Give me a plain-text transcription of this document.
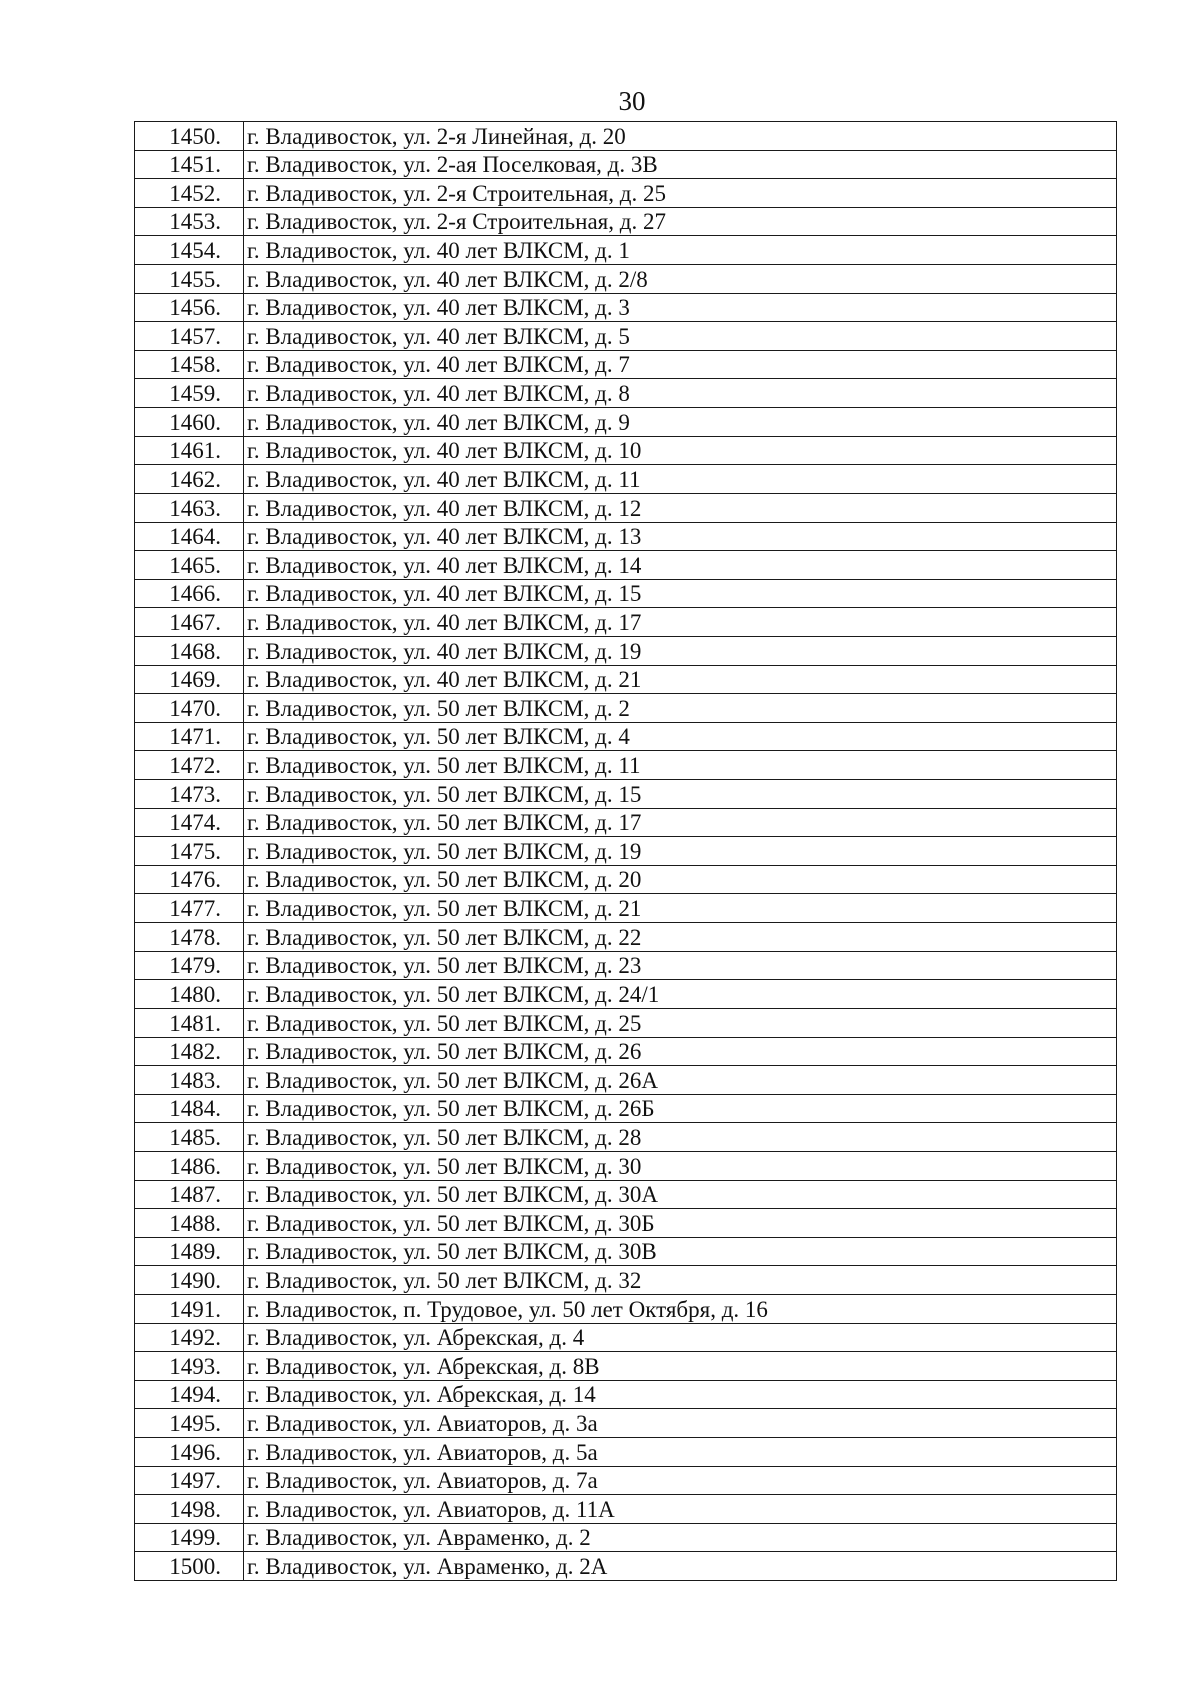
30
1450.	г. Владивосток, ул. 2-я Линейная, д. 20
1451.	г. Владивосток, ул. 2-ая Поселковая, д. 3В
1452.	г. Владивосток, ул. 2-я Строительная, д. 25
1453.	г. Владивосток, ул. 2-я Строительная, д. 27
1454.	г. Владивосток, ул. 40 лет ВЛКСМ, д. 1
1455.	г. Владивосток, ул. 40 лет ВЛКСМ, д. 2/8
1456.	г. Владивосток, ул. 40 лет ВЛКСМ, д. 3
1457.	г. Владивосток, ул. 40 лет ВЛКСМ, д. 5
1458.	г. Владивосток, ул. 40 лет ВЛКСМ, д. 7
1459.	г. Владивосток, ул. 40 лет ВЛКСМ, д. 8
1460.	г. Владивосток, ул. 40 лет ВЛКСМ, д. 9
1461.	г. Владивосток, ул. 40 лет ВЛКСМ, д. 10
1462.	г. Владивосток, ул. 40 лет ВЛКСМ, д. 11
1463.	г. Владивосток, ул. 40 лет ВЛКСМ, д. 12
1464.	г. Владивосток, ул. 40 лет ВЛКСМ, д. 13
1465.	г. Владивосток, ул. 40 лет ВЛКСМ, д. 14
1466.	г. Владивосток, ул. 40 лет ВЛКСМ, д. 15
1467.	г. Владивосток, ул. 40 лет ВЛКСМ, д. 17
1468.	г. Владивосток, ул. 40 лет ВЛКСМ, д. 19
1469.	г. Владивосток, ул. 40 лет ВЛКСМ, д. 21
1470.	г. Владивосток, ул. 50 лет ВЛКСМ, д. 2
1471.	г. Владивосток, ул. 50 лет ВЛКСМ, д. 4
1472.	г. Владивосток, ул. 50 лет ВЛКСМ, д. 11
1473.	г. Владивосток, ул. 50 лет ВЛКСМ, д. 15
1474.	г. Владивосток, ул. 50 лет ВЛКСМ, д. 17
1475.	г. Владивосток, ул. 50 лет ВЛКСМ, д. 19
1476.	г. Владивосток, ул. 50 лет ВЛКСМ, д. 20
1477.	г. Владивосток, ул. 50 лет ВЛКСМ, д. 21
1478.	г. Владивосток, ул. 50 лет ВЛКСМ, д. 22
1479.	г. Владивосток, ул. 50 лет ВЛКСМ, д. 23
1480.	г. Владивосток, ул. 50 лет ВЛКСМ, д. 24/1
1481.	г. Владивосток, ул. 50 лет ВЛКСМ, д. 25
1482.	г. Владивосток, ул. 50 лет ВЛКСМ, д. 26
1483.	г. Владивосток, ул. 50 лет ВЛКСМ, д. 26А
1484.	г. Владивосток, ул. 50 лет ВЛКСМ, д. 26Б
1485.	г. Владивосток, ул. 50 лет ВЛКСМ, д. 28
1486.	г. Владивосток, ул. 50 лет ВЛКСМ, д. 30
1487.	г. Владивосток, ул. 50 лет ВЛКСМ, д. 30А
1488.	г. Владивосток, ул. 50 лет ВЛКСМ, д. 30Б
1489.	г. Владивосток, ул. 50 лет ВЛКСМ, д. 30В
1490.	г. Владивосток, ул. 50 лет ВЛКСМ, д. 32
1491.	г. Владивосток, п. Трудовое, ул. 50 лет Октября, д. 16
1492.	г. Владивосток, ул. Абрекская, д. 4
1493.	г. Владивосток, ул. Абрекская, д. 8В
1494.	г. Владивосток, ул. Абрекская, д. 14
1495.	г. Владивосток, ул. Авиаторов, д. 3а
1496.	г. Владивосток, ул. Авиаторов, д. 5а
1497.	г. Владивосток, ул. Авиаторов, д. 7а
1498.	г. Владивосток, ул. Авиаторов, д. 11А
1499.	г. Владивосток, ул. Авраменко, д. 2
1500.	г. Владивосток, ул. Авраменко, д. 2А
